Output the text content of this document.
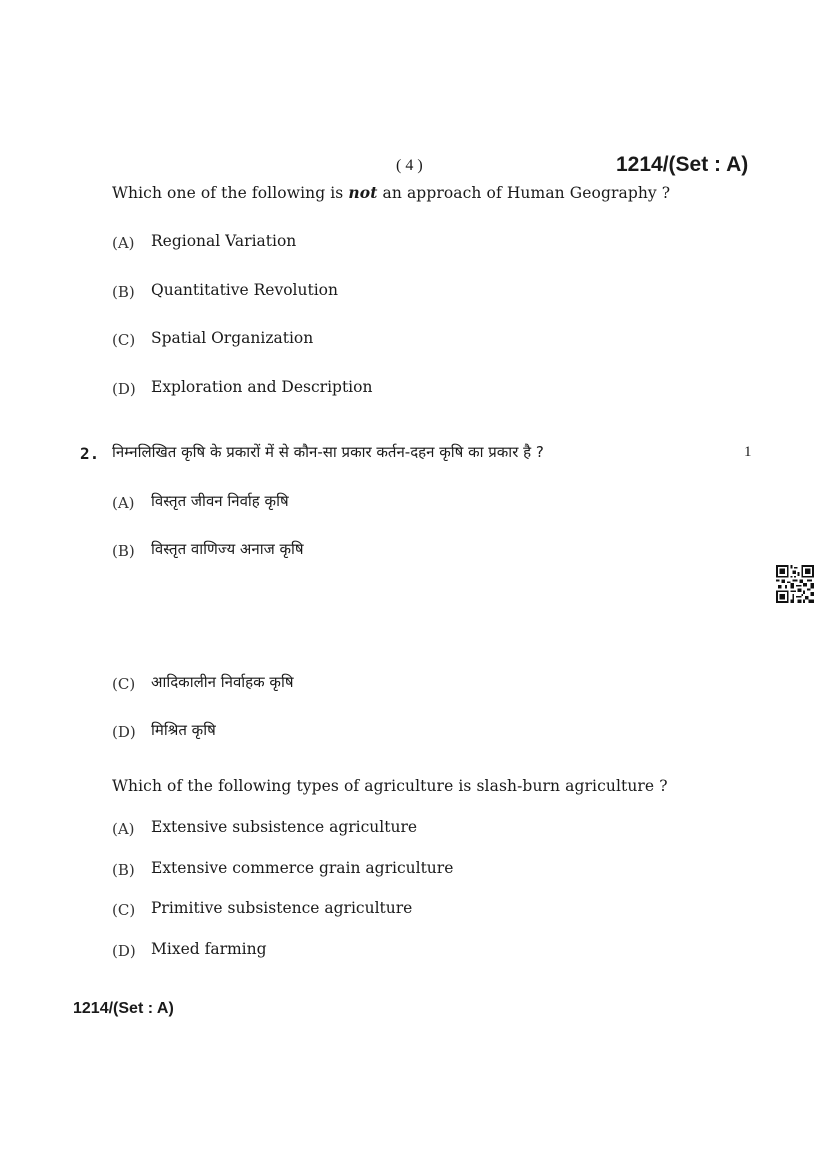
( 4 )	1214/(Set : A)
Which one of the following is not an approach of Human Geography ?
(A) Regional Variation
(B) Quantitative Revolution
(C) Spatial Organization
(D) Exploration and Description
2. निम्नलिखित कृषि के प्रकारों में से कौन-सा प्रकार कर्तन-दहन कृषि का प्रकार है ?	1
(A) विस्तृत जीवन निर्वाह कृषि
(B) विस्तृत वाणिज्य अनाज कृषि
(C) आदिकालीन निर्वाहक कृषि
(D) मिश्रित कृषि
Which of the following types of agriculture is slash-burn agriculture ?
(A) Extensive subsistence agriculture
(B) Extensive commerce grain agriculture
(C) Primitive subsistence agriculture
(D) Mixed farming
1214/(Set : A)
